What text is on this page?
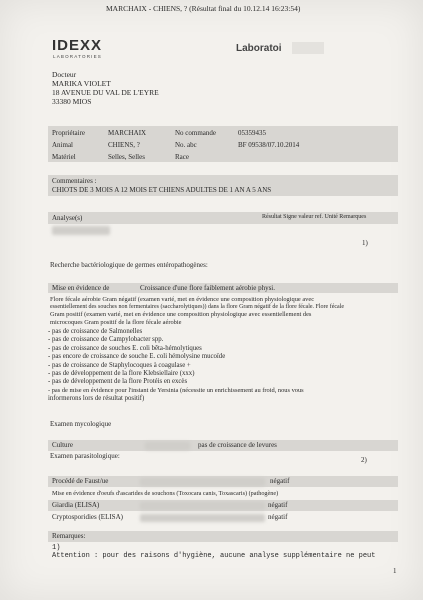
MARCHAIX - CHIENS, ? (Résultat final du 10.12.14 16:23:54)
IDEXX
LABORATORIES
Laboratoi
Docteur
MARIKA VIOLET
18 AVENUE DU VAL DE L'EYRE
33380 MIOS
Propriétaire	MARCHAIX	No commande	05359435
Animal	CHIENS, ?	No. abc	BF 09538/07.10.2014
Matériel	Selles, Selles	Race
Commentaires :
CHIOTS DE 3 MOIS A 12 MOIS ET CHIENS ADULTES DE 1 AN A 5 ANS
Analyse(s)	Résultat Signe valeur ref. Unité Remarques
1)
Recherche bactériologique de germes entéropathogènes:
Mise en évidence de	Croissance d'une flore faiblement aérobie physi.
Flore fécale aérobie Gram négatif (examen varié, met en évidence une composition physiologique avec
essentiellement des souches non fermentaires (saccharolytiques)) dans la flore Gram négatif de la flore fécale. Flore fécale
Gram positif (examen varié, met en évidence une composition physiologique avec essentiellement des
microcoques Gram positif de la flore fécale aérobie
- pas de croissance de Salmonelles
- pas de croissance de Campylobacter spp.
- pas de croissance de souches E. coli bêta-hémolytiques
- pas encore de croissance de souche E. coli hémolysine mucoïde
- pas de croissance de Staphylocoques à coagulase +
- pas de développement de la flore Klebsiellaire (xxx)
- pas de développement de la flore Protéis en excès
- pas de mise en évidence pour l'instant de Yersinia (nécessite un enrichissement au froid, nous vous
informerons lors de résultat positif)
Examen mycologique
Culture	pas de croissance de levures
Examen parasitologique:	2)
Procédé de Faust/ue	négatif
Mise en évidence d'oeufs d'ascarides de souchons (Toxocara canis, Toxascaris) (pathogène)
Giardia (ELISA)	négatif
Cryptosporidies (ELISA)	négatif
Remarques:
1)
Attention : pour des raisons d'hygiène, aucune analyse supplémentaire ne peut
1
